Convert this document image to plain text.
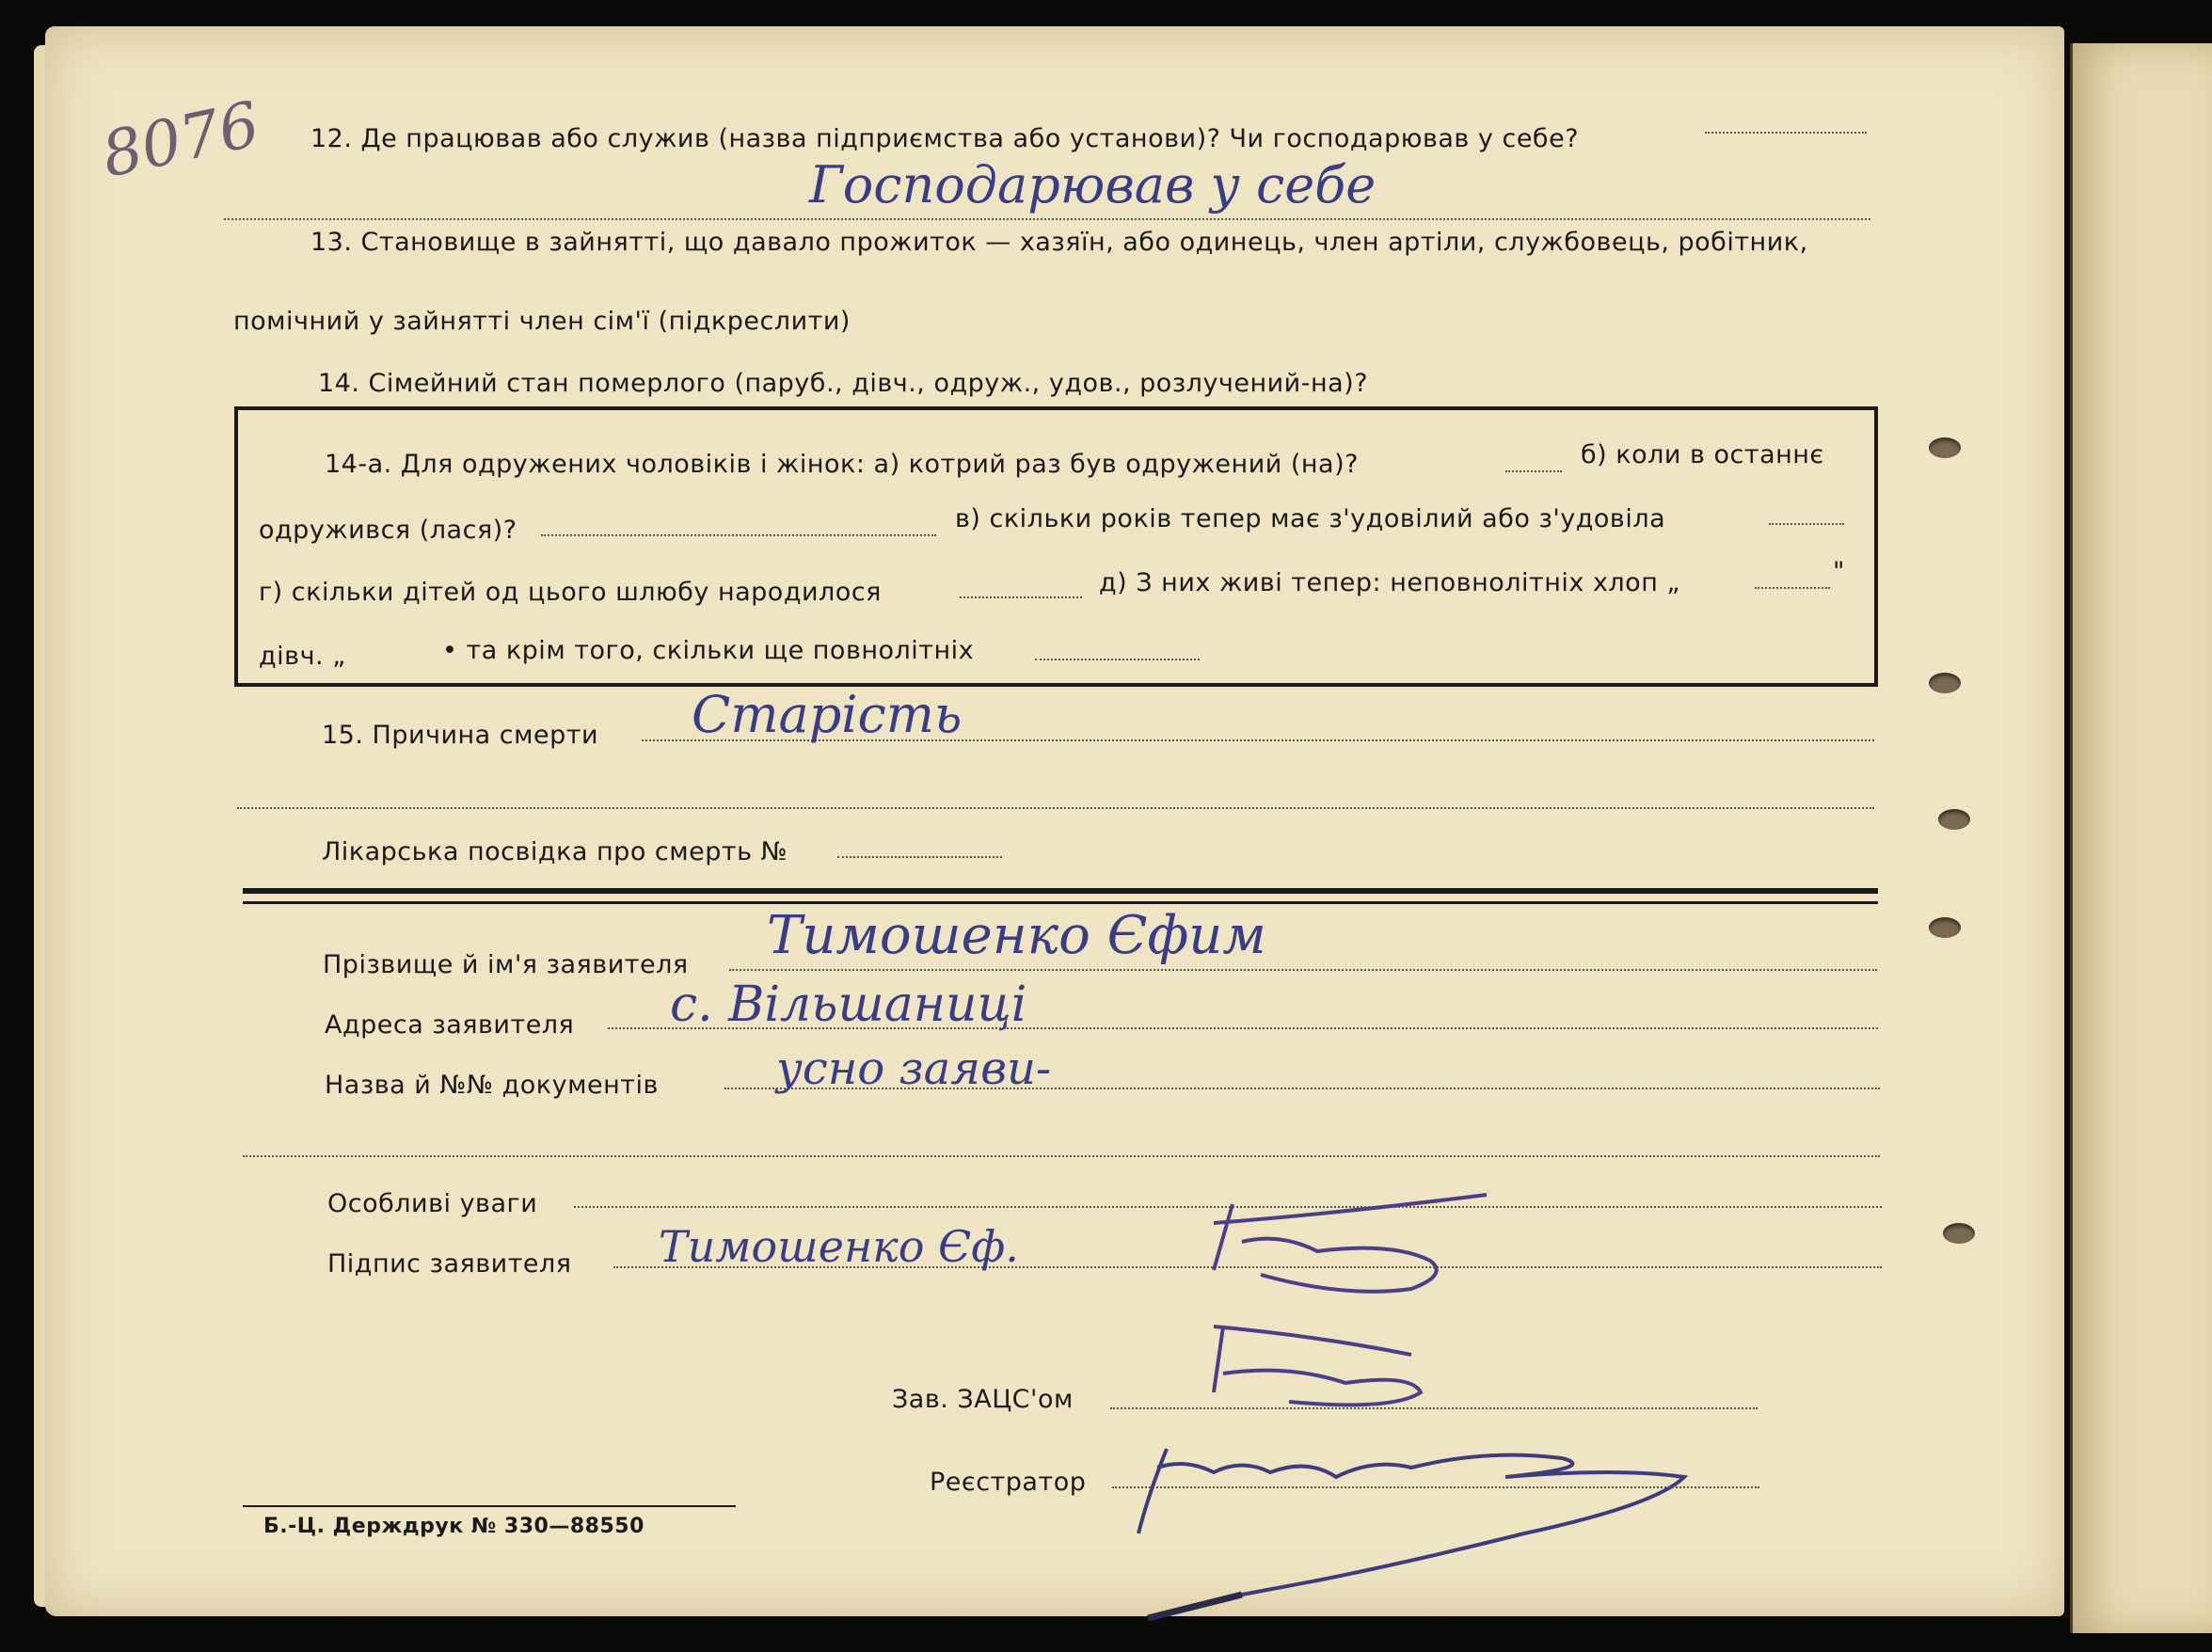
8076 12. Де працював або служив (назва підприємства або установи)? Чи господарював у себе?
Господарював у себе
13. Становище в зайнятті, що давало прожиток — хазяїн, або одинець, член артіли, службовець, робітник,
помічний у зайнятті член сім'ї (підкреслити)
14. Сімейний стан померлого (паруб., дівч., одруж., удов., розлучений-на)?
14-а. Для одружених чоловіків і жінок: а) котрий раз був одружений (на)?	б) коли в останнє
одружився (лася)?	в) скільки років тепер має з'удовілий або з'удовіла
г) скільки дітей од цього шлюбу народилося	д) З них живі тепер: неповнолітніх хлоп „	"
дівч. „	• та крім того, скільки ще повнолітніх
15. Причина смерти Старість
Лікарська посвідка про смерть №
Прізвище й ім'я заявителя Тимошенко Єфим
Адреса заявителя с. Вільшаниці
Назва й №№ документів	усно заяви-
Особливі уваги
Підпис заявителя Тимошенко Єф.
Зав. ЗАЦС'ом
Реєстратор
Б.-Ц. Держдрук № 330—88550
